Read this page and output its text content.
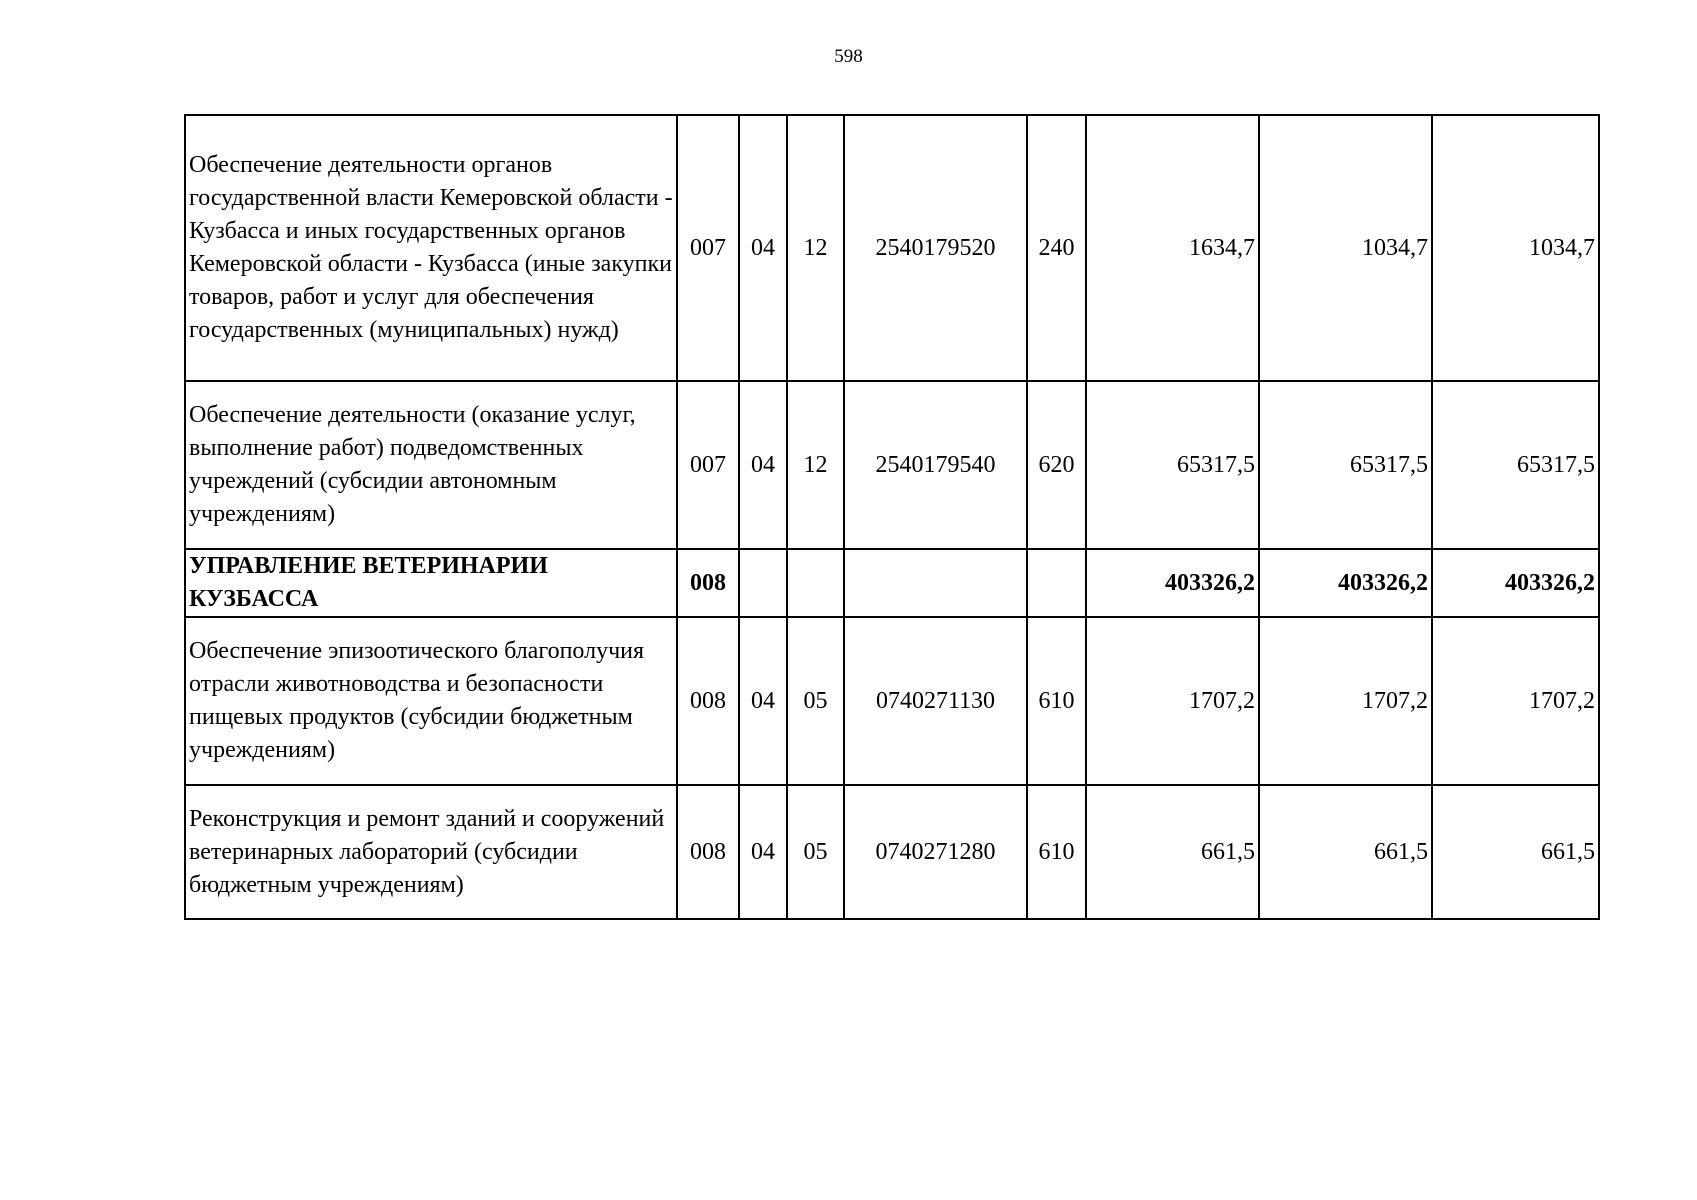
598
Обеспечение деятельности органов государственной власти Кемеровской области - Кузбасса и иных государственных органов Кемеровской области - Кузбасса (иные закупки товаров, работ и услуг для обеспечения государственных (муниципальных) нужд)	007	04	12	2540179520	240	1634,7	1034,7	1034,7
Обеспечение деятельности (оказание услуг, выполнение работ) подведомственных учреждений (субсидии автономным учреждениям)	007	04	12	2540179540	620	65317,5	65317,5	65317,5
УПРАВЛЕНИЕ ВЕТЕРИНАРИИ КУЗБАССА	008					403326,2	403326,2	403326,2
Обеспечение эпизоотического благополучия отрасли животноводства и безопасности пищевых продуктов (субсидии бюджетным учреждениям)	008	04	05	0740271130	610	1707,2	1707,2	1707,2
Реконструкция и ремонт зданий и сооружений ветеринарных лабораторий (субсидии бюджетным учреждениям)	008	04	05	0740271280	610	661,5	661,5	661,5
